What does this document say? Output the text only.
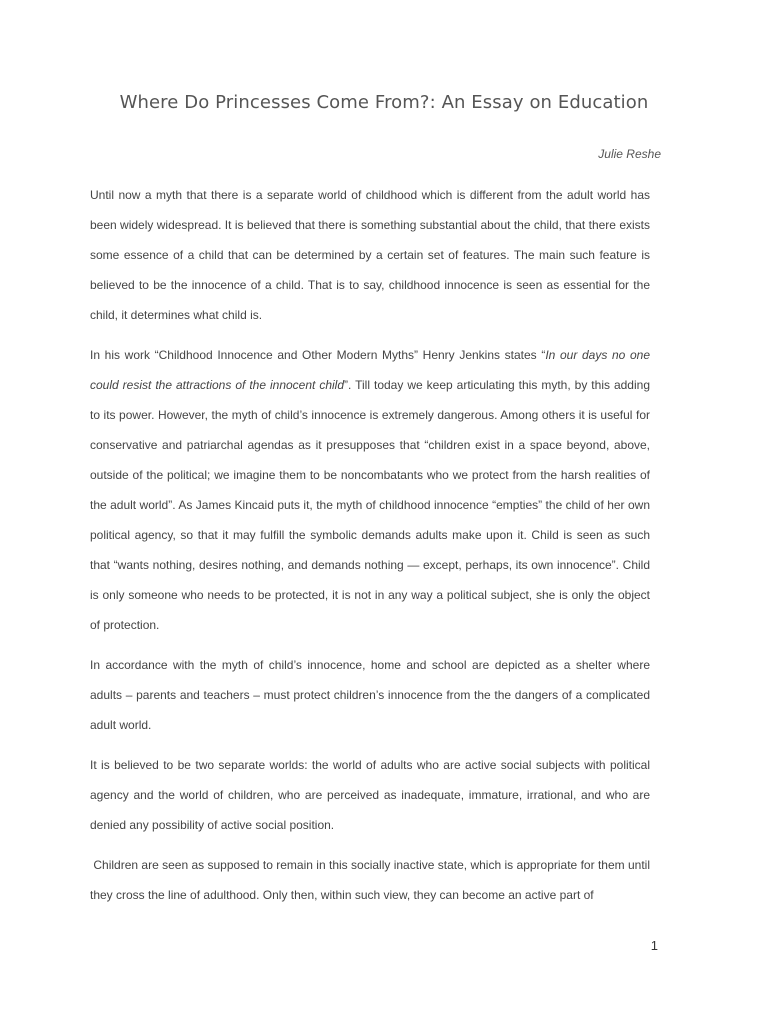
Where Do Princesses Come From?: An Essay on Education

Julie Reshe

Until now a myth that there is a separate world of childhood which is different from the adult world has been widely widespread. It is believed that there is something substantial about the child, that there exists some essence of a child that can be determined by a certain set of features. The main such feature is believed to be the innocence of a child. That is to say, childhood innocence is seen as essential for the child, it determines what child is.

In his work “Childhood Innocence and Other Modern Myths” Henry Jenkins states “In our days no one could resist the attractions of the innocent child”. Till today we keep articulating this myth, by this adding to its power. However, the myth of child’s innocence is extremely dangerous. Among others it is useful for conservative and patriarchal agendas as it presupposes that “children exist in a space beyond, above, outside of the political; we imagine them to be noncombatants who we protect from the harsh realities of the adult world”. As James Kincaid puts it, the myth of childhood innocence “empties” the child of her own political agency, so that it may fulfill the symbolic demands adults make upon it. Child is seen as such that “wants nothing, desires nothing, and demands nothing — except, perhaps, its own innocence”. Child is only someone who needs to be protected, it is not in any way a political subject, she is only the object of protection.

In accordance with the myth of child’s innocence, home and school are depicted as a shelter where adults – parents and teachers – must protect children’s innocence from the the dangers of a complicated adult world.

It is believed to be two separate worlds: the world of adults who are active social subjects with political agency and the world of children, who are perceived as inadequate, immature, irrational, and who are denied any possibility of active social position.

Children are seen as supposed to remain in this socially inactive state, which is appropriate for them until they cross the line of adulthood. Only then, within such view, they can become an active part of

1
